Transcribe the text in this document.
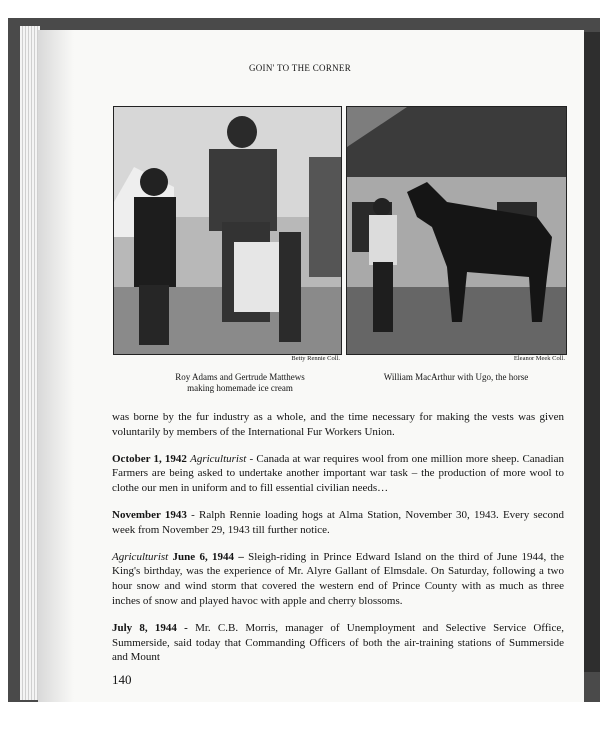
GOIN' TO THE CORNER
Betty Rennie Coll.
Roy Adams and Gertrude Matthews
making homemade ice cream
Eleanor Meek Coll.
William MacArthur with Ugo, the horse

was borne by the fur industry as a whole, and the time necessary for making the vests was given voluntarily by members of the International Fur Workers Union.

October 1, 1942 Agriculturist - Canada at war requires wool from one million more sheep. Canadian Farmers are being asked to undertake another important war task – the production of more wool to clothe our men in uniform and to fill essential civilian needs…

November 1943 - Ralph Rennie loading hogs at Alma Station, November 30, 1943. Every second week from November 29, 1943 till further notice.

Agriculturist June 6, 1944 – Sleigh-riding in Prince Edward Island on the third of June 1944, the King's birthday, was the experience of Mr. Alyre Gallant of Elmsdale. On Saturday, following a two hour snow and wind storm that covered the western end of Prince County with as much as three inches of snow and played havoc with apple and cherry blossoms.

July 8, 1944 - Mr. C.B. Morris, manager of Unemployment and Selective Service Office, Summerside, said today that Commanding Officers of both the air-training stations of Summerside and Mount

140
